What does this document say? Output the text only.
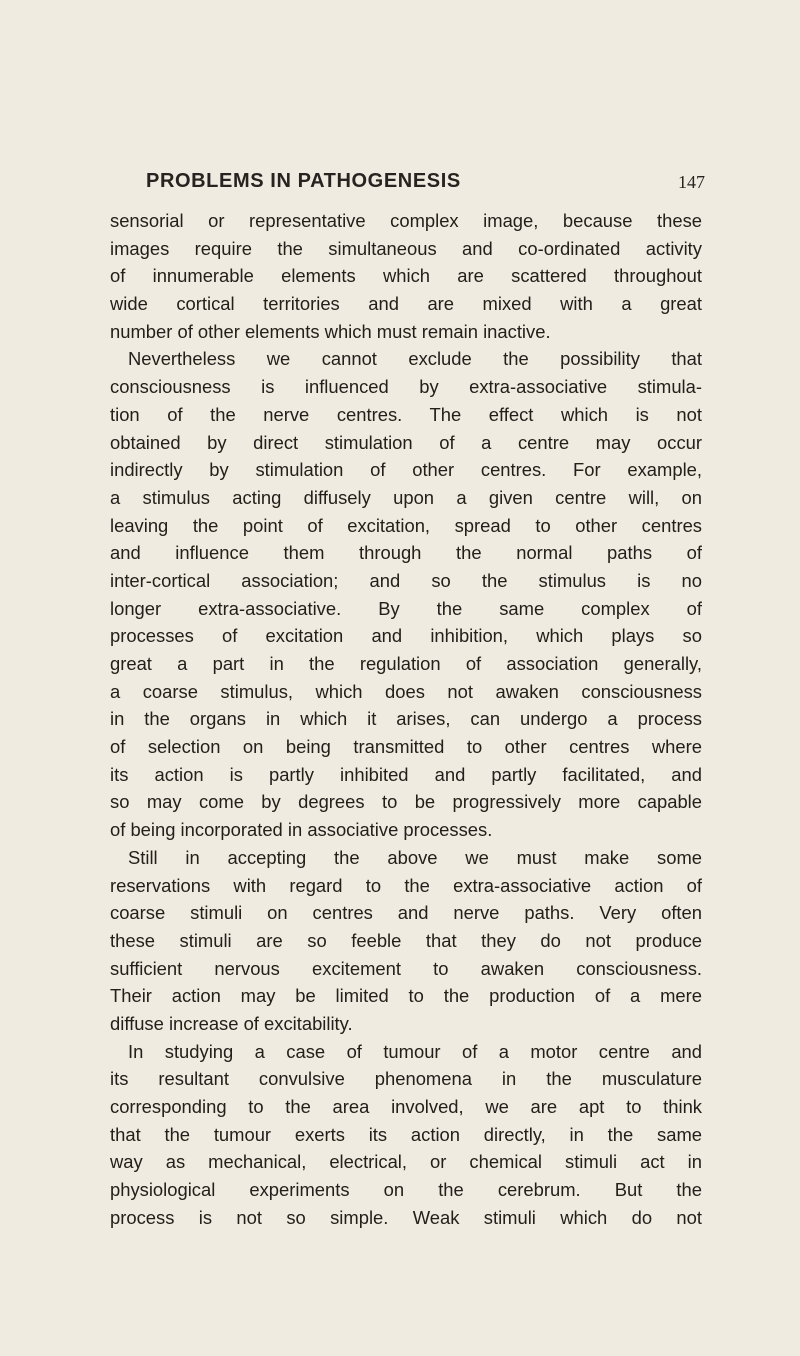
PROBLEMS IN PATHOGENESIS	147
sensorial or representative complex image, because these
images require the simultaneous and co-ordinated activity
of innumerable elements which are scattered throughout
wide cortical territories and are mixed with a great
number of other elements which must remain inactive.
Nevertheless we cannot exclude the possibility that
consciousness is influenced by extra-associative stimula-
tion of the nerve centres. The effect which is not
obtained by direct stimulation of a centre may occur
indirectly by stimulation of other centres. For example,
a stimulus acting diffusely upon a given centre will, on
leaving the point of excitation, spread to other centres
and influence them through the normal paths of
inter-cortical association; and so the stimulus is no
longer extra-associative. By the same complex of
processes of excitation and inhibition, which plays so
great a part in the regulation of association generally,
a coarse stimulus, which does not awaken consciousness
in the organs in which it arises, can undergo a process
of selection on being transmitted to other centres where
its action is partly inhibited and partly facilitated, and
so may come by degrees to be progressively more capable
of being incorporated in associative processes.
Still in accepting the above we must make some
reservations with regard to the extra-associative action of
coarse stimuli on centres and nerve paths. Very often
these stimuli are so feeble that they do not produce
sufficient nervous excitement to awaken consciousness.
Their action may be limited to the production of a mere
diffuse increase of excitability.
In studying a case of tumour of a motor centre and
its resultant convulsive phenomena in the musculature
corresponding to the area involved, we are apt to think
that the tumour exerts its action directly, in the same
way as mechanical, electrical, or chemical stimuli act in
physiological experiments on the cerebrum. But the
process is not so simple. Weak stimuli which do not
